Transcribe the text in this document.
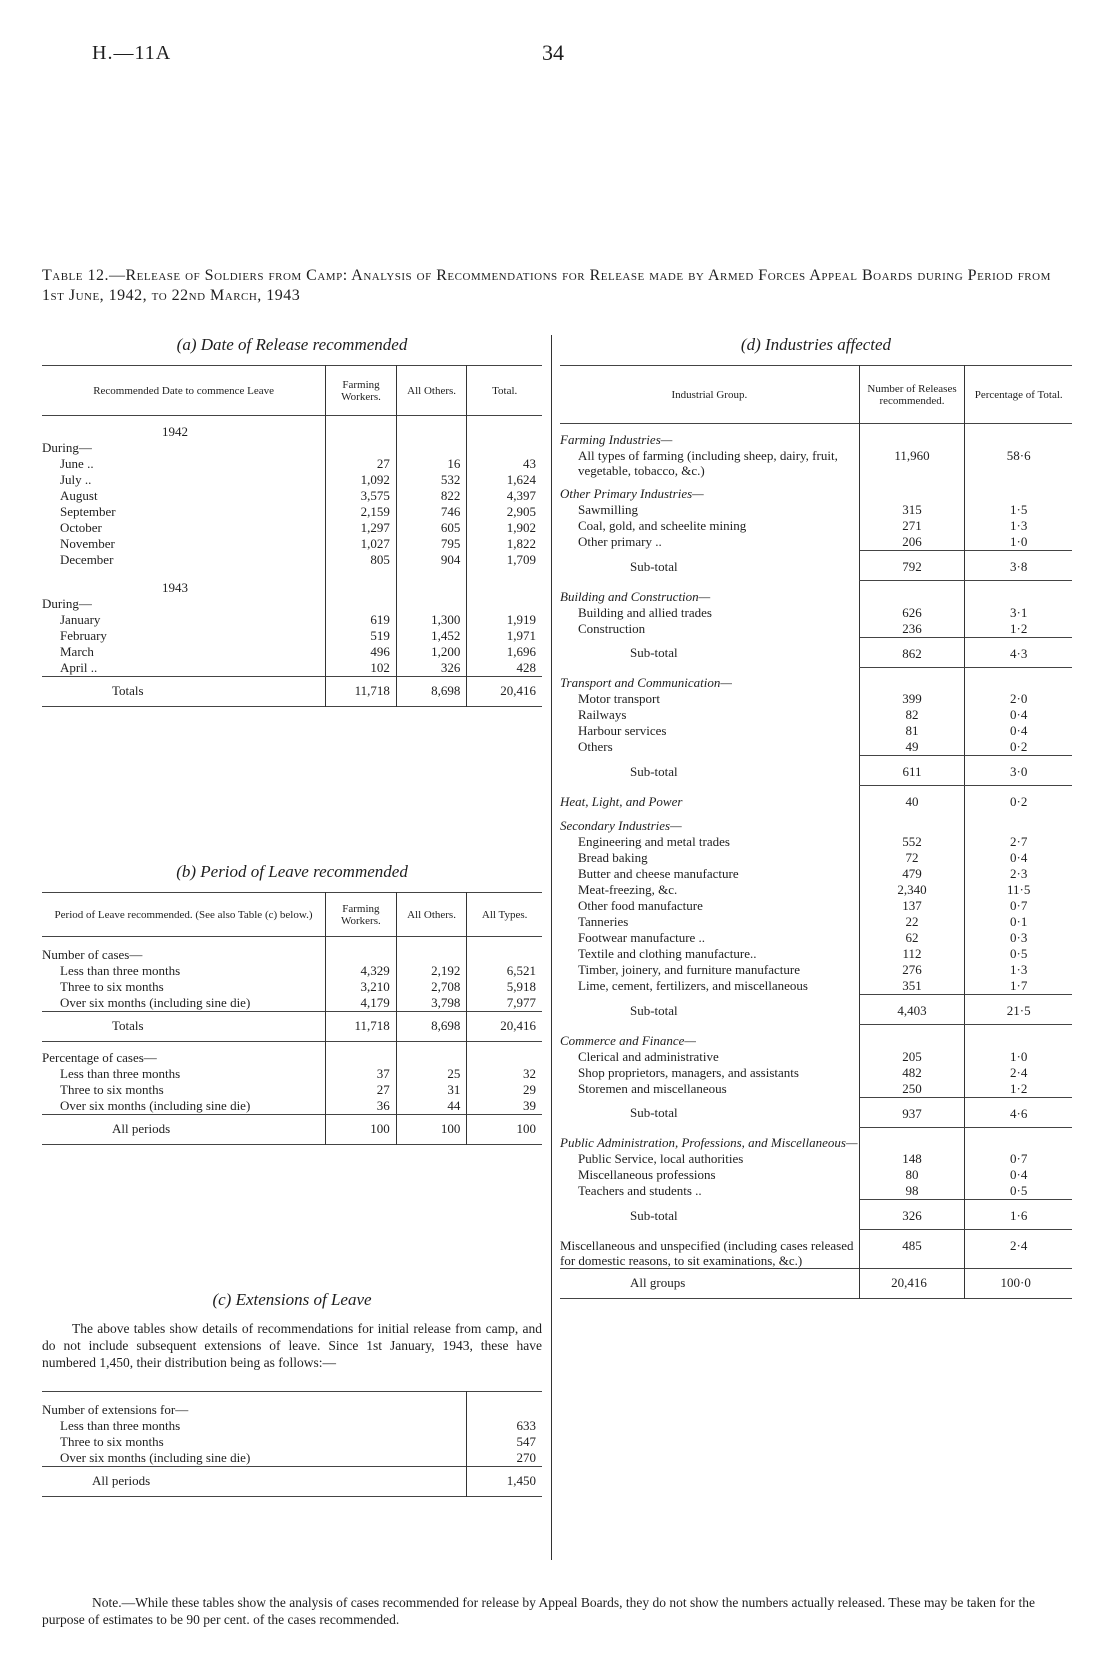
H.—11A	34
Table 12.—Release of Soldiers from Camp: Analysis of Recommendations for Release made by Armed Forces Appeal Boards during Period from 1st June, 1942, to 22nd March, 1943
(a) Date of Release recommended
Recommended Date to commence Leave	Farming Workers.	All Others.	Total.
1942			
During—			
June ..	27	16	43
July ..	1,092	532	1,624
August	3,575	822	4,397
September	2,159	746	2,905
October	1,297	605	1,902
November	1,027	795	1,822
December	805	904	1,709
1943			
During—			
January	619	1,300	1,919
February	519	1,452	1,971
March	496	1,200	1,696
April ..	102	326	428
Totals	11,718	8,698	20,416
(b) Period of Leave recommended
Period of Leave recommended. (See also Table (c) below.)	Farming Workers.	All Others.	All Types.
Number of cases—			
Less than three months	4,329	2,192	6,521
Three to six months	3,210	2,708	5,918
Over six months (including sine die)	4,179	3,798	7,977
Totals	11,718	8,698	20,416
Percentage of cases—			
Less than three months	37	25	32
Three to six months	27	31	29
Over six months (including sine die)	36	44	39
All periods	100	100	100
(c) Extensions of Leave

The above tables show details of recommendations for initial release from camp, and do not include subsequent extensions of leave. Since 1st January, 1943, these have numbered 1,450, their distribution being as follows:—

Number of extensions for—	
Less than three months	633
Three to six months	547
Over six months (including sine die)	270
All periods	1,450
(d) Industries affected
Industrial Group.	Number of Releases recommended.	Percentage of Total.
Farming Industries—		
All types of farming (including sheep, dairy, fruit, vegetable, tobacco, &c.)	11,960	58·6
Other Primary Industries—		
Sawmilling	315	1·5
Coal, gold, and scheelite mining	271	1·3
Other primary ..	206	1·0
Sub-total	792	3·8
Building and Construction—		
Building and allied trades	626	3·1
Construction	236	1·2
Sub-total	862	4·3
Transport and Communication—		
Motor transport	399	2·0
Railways	82	0·4
Harbour services	81	0·4
Others	49	0·2
Sub-total	611	3·0
Heat, Light, and Power	40	0·2
Secondary Industries—		
Engineering and metal trades	552	2·7
Bread baking	72	0·4
Butter and cheese manufacture	479	2·3
Meat-freezing, &c.	2,340	11·5
Other food manufacture	137	0·7
Tanneries	22	0·1
Footwear manufacture ..	62	0·3
Textile and clothing manufacture..	112	0·5
Timber, joinery, and furniture manufacture	276	1·3
Lime, cement, fertilizers, and miscellaneous	351	1·7
Sub-total	4,403	21·5
Commerce and Finance—		
Clerical and administrative	205	1·0
Shop proprietors, managers, and assistants	482	2·4
Storemen and miscellaneous	250	1·2
Sub-total	937	4·6
Public Administration, Professions, and Miscellaneous—		
Public Service, local authorities	148	0·7
Miscellaneous professions	80	0·4
Teachers and students ..	98	0·5
Sub-total	326	1·6
Miscellaneous and unspecified (including cases released for domestic reasons, to sit examinations, &c.)	485	2·4
All groups	20,416	100·0
Note.—While these tables show the analysis of cases recommended for release by Appeal Boards, they do not show the numbers actually released. These may be taken for the purpose of estimates to be 90 per cent. of the cases recommended.
